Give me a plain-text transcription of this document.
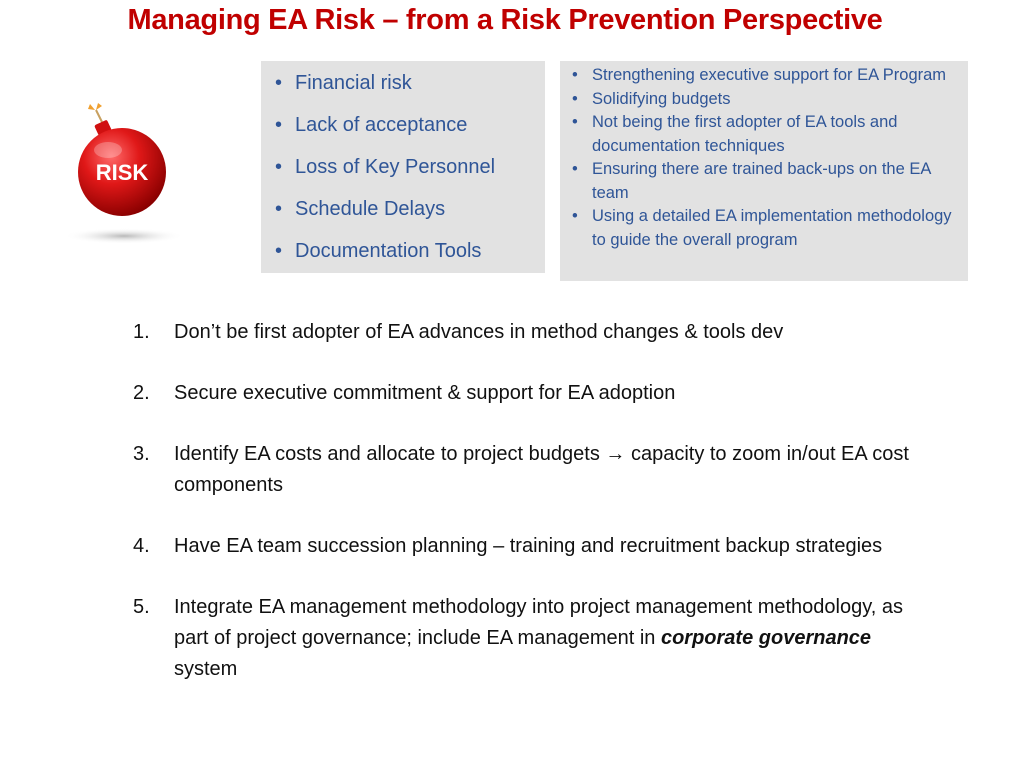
Managing EA Risk – from a Risk Prevention Perspective
RISK
• Financial risk
• Lack of acceptance
• Loss of Key Personnel
• Schedule Delays
• Documentation Tools
• Strengthening executive support for EA Program
• Solidifying budgets
• Not being the first adopter of EA tools and documentation techniques
• Ensuring there are trained back-ups on the EA team
• Using a detailed EA implementation methodology to guide the overall program
1. Don’t be first adopter of EA advances in method changes & tools dev
2. Secure executive commitment & support for EA adoption
3. Identify EA costs and allocate to project budgets → capacity to zoom in/out EA cost components
4. Have EA team succession planning – training and recruitment backup strategies
5. Integrate EA management methodology into project management methodology, as part of project governance; include EA management in corporate governance system
